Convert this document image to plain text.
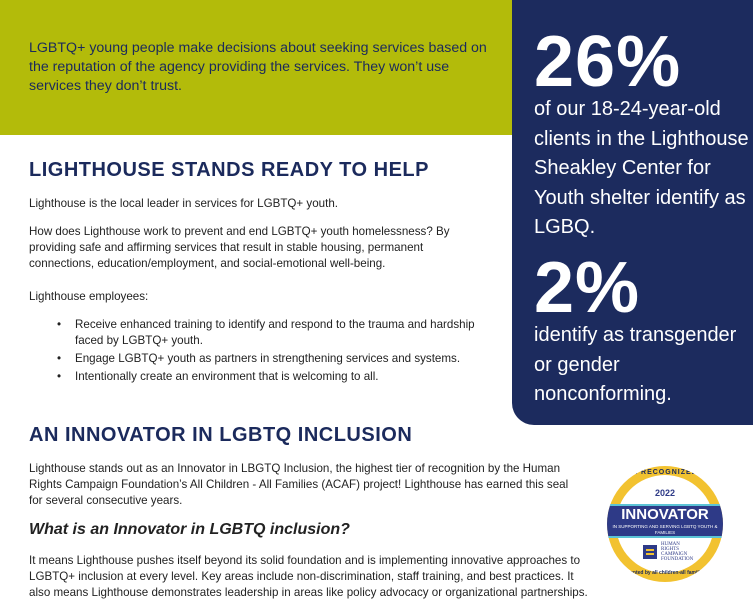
LGBTQ+ young people make decisions about seeking services based on the reputation of the agency providing the services. They won’t use services they don’t trust.	26%
of our 18-24-year-old clients in the Lighthouse Sheakley Center for Youth shelter identify as LGBQ.
2%
identify as transgender or gender nonconforming.
LIGHTHOUSE STANDS READY TO HELP
Lighthouse is the local leader in services for LGBTQ+ youth.
How does Lighthouse work to prevent and end LGBTQ+ youth homelessness? By providing safe and affirming services that result in stable housing, permanent connections, education/employment, and social-emotional well-being.
Lighthouse employees:
• Receive enhanced training to identify and respond to the trauma and hardship faced by LGBTQ+ youth.
• Engage LGBTQ+ youth as partners in strengthening services and systems.
• Intentionally create an environment that is welcoming to all.
AN INNOVATOR IN LGBTQ INCLUSION
Lighthouse stands out as an Innovator in LBGTQ Inclusion, the highest tier of recognition by the Human Rights Campaign Foundation’s All Children - All Families (ACAF) project! Lighthouse has earned this seal for several consecutive years.
What is an Innovator in LGBTQ inclusion?
It means Lighthouse pushes itself beyond its solid foundation and is implementing innovative approaches to LGBTQ+ inclusion at every level. Key areas include non-discrimination, staff training, and best practices. It also means Lighthouse demonstrates leadership in areas like policy advocacy or organizational partnerships.
A RECOGNIZED
2022
INNOVATOR
IN SUPPORTING AND SERVING LGBTQ YOUTH & FAMILIES
HUMAN RIGHTS CAMPAIGN FOUNDATION
Presented by all children-all families™
